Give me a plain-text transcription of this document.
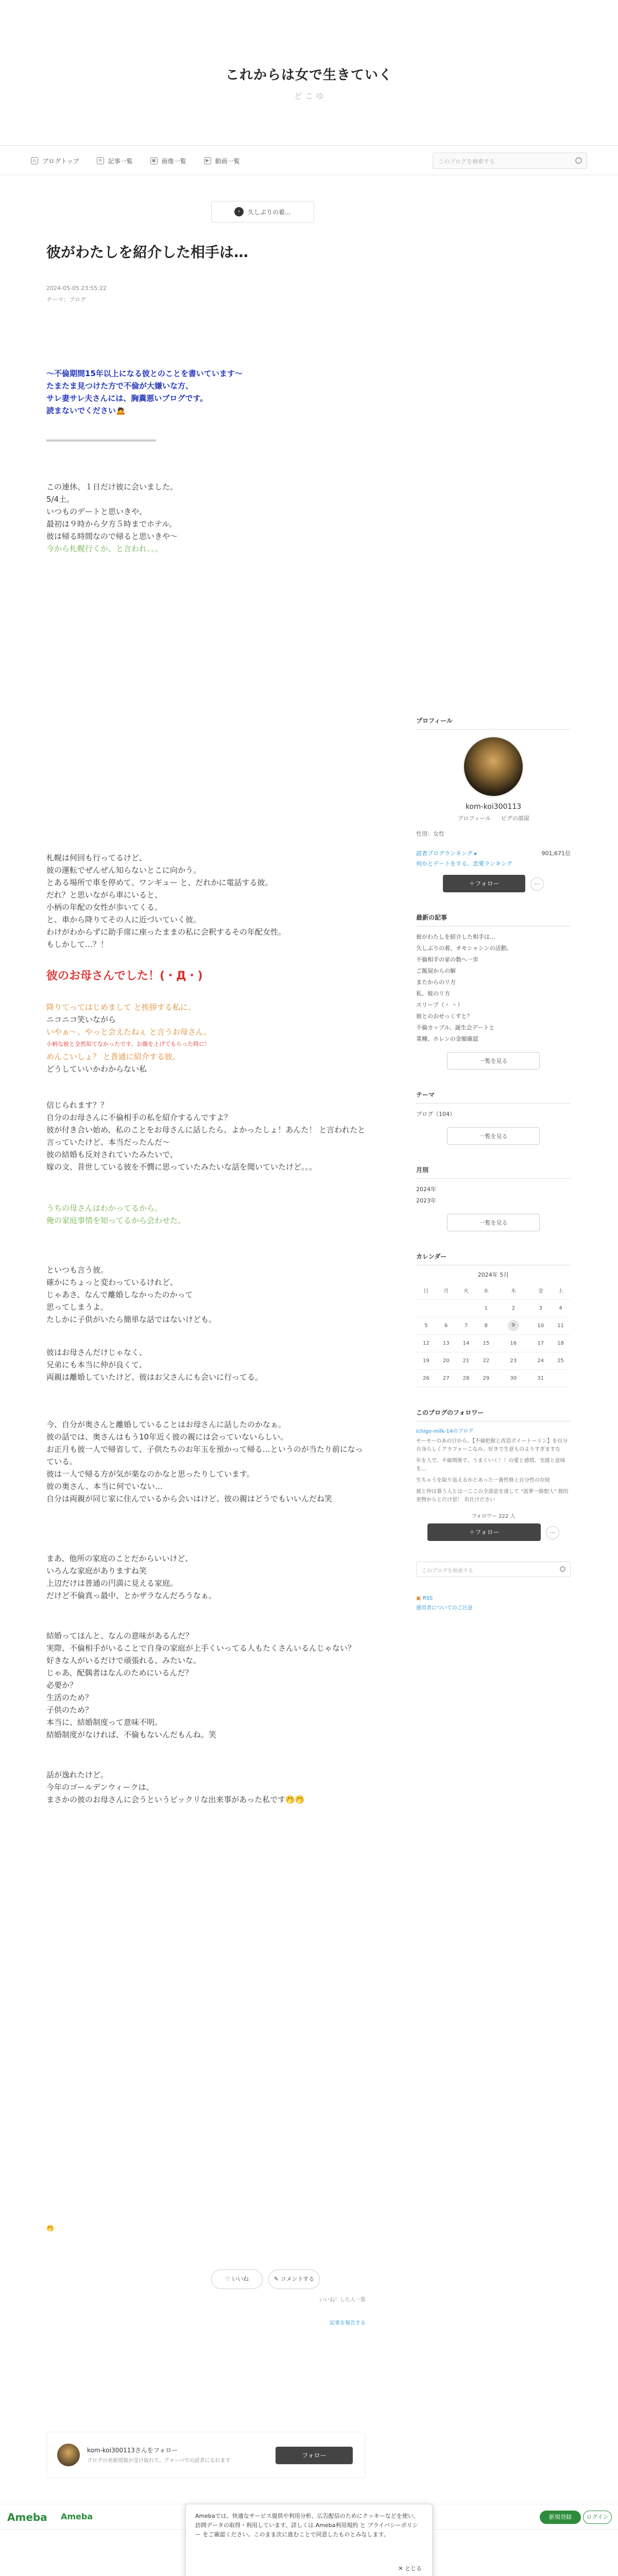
これからは女で生きていく
ど こ ゆ
⌂	ブログトップ	≡ 記事一覧	▣ 画像一覧	▶ 動画一覧	このブログを検索する
‹	久しぶりの着…
彼がわたしを紹介した相手は…
2024-05-05 23:55:22
テーマ：ブログ
〜不倫期間15年以上になる彼とのことを書いています〜
たまたま見つけた方で不倫が大嫌いな方、
サレ妻サレ夫さんには、胸糞悪いブログです。
読まないでください🙇
══════════════════════════════════
この連休、１日だけ彼に会いました。
5/4土。
いつものデートと思いきや、
最初は９時から夕方５時までホテル。
彼は帰る時間なので帰ると思いきや〜
今から札幌行くか、と言われ。。。
札幌は何回も行ってるけど、
彼の運転でぜんぜん知らないとこに向かう。
とある場所で車を停めて、ワンギュー と、だれかに電話する彼。
だれ？と思いながら車にいると、
小柄の年配の女性が歩いてくる。
と、車から降りてその人に近づいていく彼。
わけがわからずに助手席に座ったままの私に会釈するその年配女性。
もしかして…？！
彼のお母さんでした！(・Д・)
降りてってはじめまして と挨拶する私に、
ニコニコ笑いながら
いやぁ〜、やっと会えたねぇ と言うお母さん。
小柄な彼と全然似てなかったです。お顔を上げてもらった時に！
めんこいしょ？ と普通に紹介する彼。
どうしていいかわからない私
信じられます？？
自分のお母さんに不倫相手の私を紹介するんですよ？
彼が付き合い始め、私のことをお母さんに話したら、よかったしょ！あんた！ と言われたと言っていたけど、本当だったんだ〜
彼の結婚も反対されていたみたいで、
嫁の文、昔世している彼を不憫に思っていたみたいな話を聞いていたけど。。。
うちの母さんはわかってるから。
俺の家庭事情を知ってるから会わせた。
といつも言う彼。
確かにちょっと変わっているけれど、
じゃあさ、なんで離婚しなかったのかって
思ってしまうよ。
たしかに子供がいたら簡単な話ではないけども。
彼はお母さんだけじゃなく、
兄弟にも本当に仲が良くて、
両親は離婚していたけど、彼はお父さんにも会いに行ってる。
今、自分が奥さんと離婚していることはお母さんに話したのかなぁ。
彼の話では、奥さんはもう10年近く彼の親には会っていないらしい。
お正月も彼一人で帰省して、子供たちのお年玉を預かって帰る…というのが当たり前になっている。
彼は一人で帰る方が気が楽なのかなと思ったりしています。
彼の奥さん、本当に何でいない…
自分は両親が同じ家に住んでいるから会いはけど、彼の親はどうでもいいんだね笑
まあ、他所の家庭のことだからいいけど、
いろんな家庭がありますね笑
上辺だけは普通の円満に見える家庭。
だけど不倫真っ最中、とかザラなんだろうなぁ。
結婚ってほんと、なんの意味があるんだ？
実際、不倫相手がいることで自身の家庭が上手くいってる人もたくさんいるんじゃない？
好きな人がいるだけで頑張れる、みたいな。
じゃあ、配偶者はなんのためにいるんだ？
必要か？
生活のため？
子供のため？
本当に、結婚制度って意味不明。
結婚制度がなければ、不倫もないんだもんね。笑
話が逸れたけど。
今年のゴールデンウィークは、
まさかの彼のお母さんに会うというビックリな出来事があった私です🤭🤭
🤭
♡ いいね	✎ コメントする
いいね！した人一覧
記事を報告する
kom-koi300113さんをフォロー
ブログの更新情報が受け取れて、アメーバでの読者になれます
フォロー
Ameba Ameba	新規登録	ログイン
Amebaでは、快適なサービス提供や利用分析、広告配信のためにクッキーなどを使い、訪問データの取得・利用しています。詳しくは Ameba利用規約 と プライバシーポリシー をご確認ください。このまま次に進むことで同意したものとみなします。
✕ とじる
プロフィール
kom-koi300113
プロフィール ピグの部屋
性別：女性
読者ブログランキング ▸	901,671位
何かとデートをする、恋愛ランキング
＋フォロー	⋯
最新の記事
彼がわたしを紹介した相手は…
久しぶりの着、オモシャシンの活動。
不倫相手の家の数へ一歩
ご飯屋からの解
またからのリ方
私、彼のリ方
スリープ（＾ ＾）
彼とのおせっくすと？
不倫カップル、誕生会デートと
菜種、ホレンの金額確認
一覧を見る
テーマ
ブログ（104）
一覧を見る
月別
2024年
2023年
一覧を見る
カレンダー
2024年 5月
日	月	火	水	木	金	土
			1	2	3	4
5	6	7	8	9	10	11
12	13	14	15	16	17	18
19	20	21	22	23	24	25
26	27	28	29	30	31	
このブログのフォロワー
ichigo-milk-14のブログ
モーモーのあの日から、【不倫把握と改造ポイートーリン】を自分自身らしくアラフォーこなみ、好きで生意ものよりすぎますな
年を人で、不倫関係で、うまくいく！！の愛と感情、実感と意味を…
生ちゃうを取り返えるかとあった一番性格上自分性の存続
彼と仲は慕う人とは一ここの全部意を達して "道華一絡想人" 彼的更物からとだけ思！ 名仕けださい
フォロワー 222 人
＋フォロー	⋯
このブログを検索する
▣ RSS
運用者についてのご注意
